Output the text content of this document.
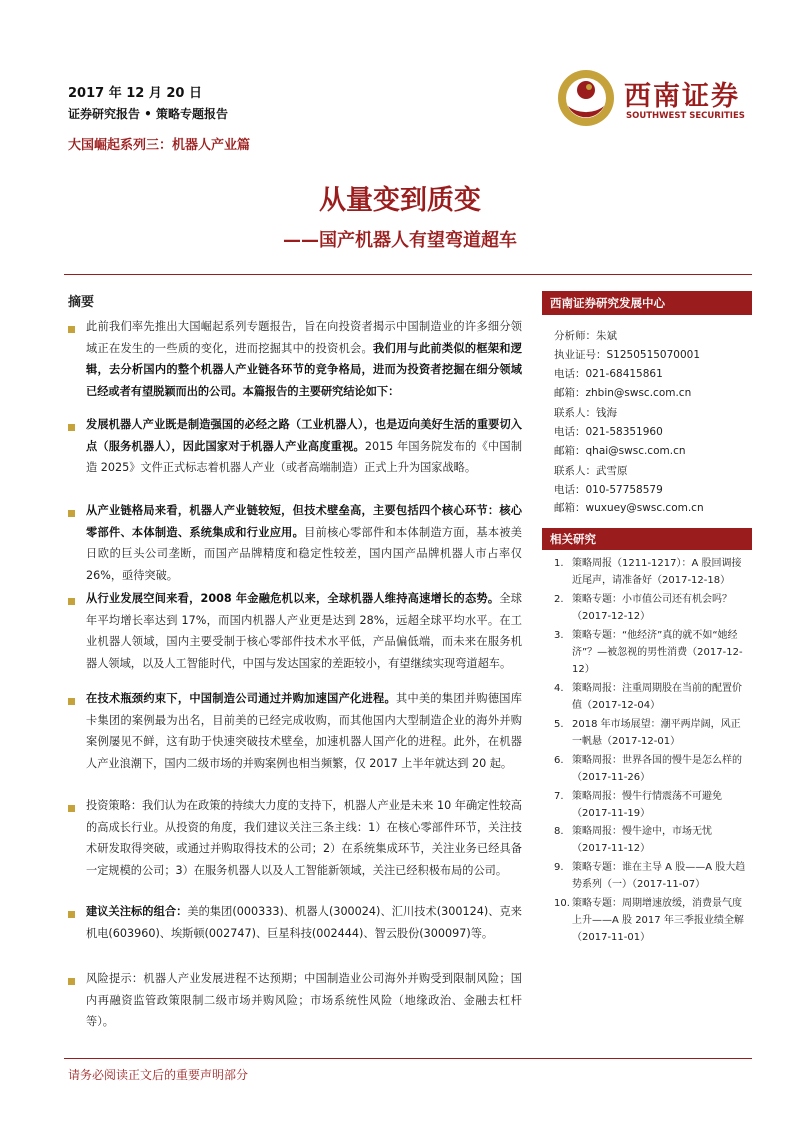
2017 年 12 月 20 日
证券研究报告 • 策略专题报告
大国崛起系列三：机器人产业篇
西南证券
SOUTHWEST SECURITIES
从量变到质变
——国产机器人有望弯道超车
摘要
此前我们率先推出大国崛起系列专题报告，旨在向投资者揭示中国制造业的许多细分领域正在发生的一些质的变化，进而挖掘其中的投资机会。我们用与此前类似的框架和逻辑，去分析国内的整个机器人产业链各环节的竞争格局，进而为投资者挖掘在细分领域已经或者有望脱颖而出的公司。本篇报告的主要研究结论如下：
发展机器人产业既是制造强国的必经之路（工业机器人），也是迈向美好生活的重要切入点（服务机器人），因此国家对于机器人产业高度重视。2015 年国务院发布的《中国制造 2025》文件正式标志着机器人产业（或者高端制造）正式上升为国家战略。
从产业链格局来看，机器人产业链较短，但技术壁垒高，主要包括四个核心环节：核心零部件、本体制造、系统集成和行业应用。目前核心零部件和本体制造方面，基本被美日欧的巨头公司垄断，而国产品牌精度和稳定性较差，国内国产品牌机器人市占率仅 26%，亟待突破。
从行业发展空间来看，2008 年金融危机以来，全球机器人维持高速增长的态势。全球年平均增长率达到 17%，而国内机器人产业更是达到 28%，远超全球平均水平。在工业机器人领域，国内主要受制于核心零部件技术水平低，产品偏低端，而未来在服务机器人领域，以及人工智能时代，中国与发达国家的差距较小，有望继续实现弯道超车。
在技术瓶颈约束下，中国制造公司通过并购加速国产化进程。其中美的集团并购德国库卡集团的案例最为出名，目前美的已经完成收购，而其他国内大型制造企业的海外并购案例屡见不鲜，这有助于快速突破技术壁垒，加速机器人国产化的进程。此外，在机器人产业浪潮下，国内二级市场的并购案例也相当频繁，仅 2017 上半年就达到 20 起。
投资策略：我们认为在政策的持续大力度的支持下，机器人产业是未来 10 年确定性较高的高成长行业。从投资的角度，我们建议关注三条主线：1）在核心零部件环节，关注技术研发取得突破，或通过并购取得技术的公司；2）在系统集成环节，关注业务已经具备一定规模的公司；3）在服务机器人以及人工智能新领域，关注已经积极布局的公司。
建议关注标的组合：美的集团(000333)、机器人(300024)、汇川技术(300124)、克来机电(603960)、埃斯顿(002747)、巨星科技(002444)、智云股份(300097)等。
风险提示：机器人产业发展进程不达预期；中国制造业公司海外并购受到限制风险；国内再融资监管政策限制二级市场并购风险；市场系统性风险（地缘政治、金融去杠杆等）。
西南证券研究发展中心
分析师：朱斌
执业证号：S1250515070001
电话：021-68415861
邮箱：zhbin@swsc.com.cn
联系人：钱海
电话：021-58351960
邮箱：qhai@swsc.com.cn
联系人：武雪原
电话：010-57758579
邮箱：wuxuey@swsc.com.cn
相关研究
1. 策略周报（1211-1217）：A 股回调接近尾声，请准备好（2017-12-18）
2. 策略专题：小市值公司还有机会吗？（2017-12-12）
3. 策略专题：“他经济”真的就不如“她经济”？—被忽视的男性消费（2017-12-12）
4. 策略周报：注重周期股在当前的配置价值（2017-12-04）
5. 2018 年市场展望：潮平两岸阔，风正一帆悬（2017-12-01）
6. 策略周报：世界各国的慢牛是怎么样的（2017-11-26）
7. 策略周报：慢牛行情震荡不可避免（2017-11-19）
8. 策略周报：慢牛途中，市场无忧（2017-11-12）
9. 策略专题：谁在主导 A 股——A 股大趋势系列（一）（2017-11-07）
10. 策略专题：周期增速放缓，消费景气度上升——A 股 2017 年三季报业绩全解（2017-11-01）
请务必阅读正文后的重要声明部分
